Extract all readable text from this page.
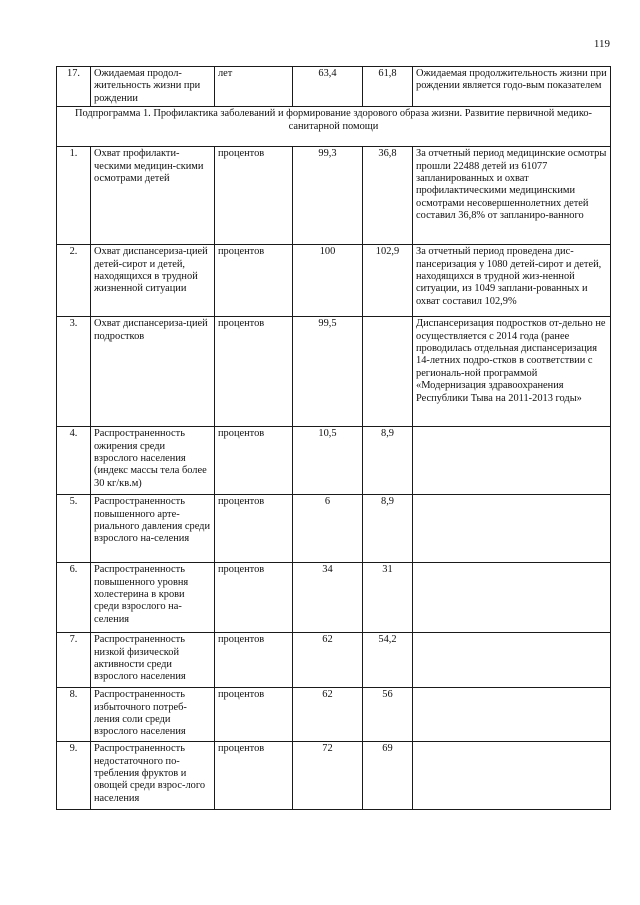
119
17.	Ожидаемая продол-жительность жизни при рождении	лет	63,4	61,8	Ожидаемая продолжительность жизни при рождении является годо-вым показателем
Подпрограмма 1. Профилактика заболеваний и формирование здорового образа жизни. Развитие первичной медико-санитарной помощи					
1.	Охват профилакти-ческими медицин-скими осмотрами детей	процентов	99,3	36,8	За отчетный период медицинские осмотры прошли 22488 детей из 61077 запланированных и охват профилактическими медицинскими осмотрами несовершеннолетних детей составил 36,8% от запланиро-ванного
2.	Охват диспансериза-цией детей-сирот и детей, находящихся в трудной жизненной ситуации	процентов	100	102,9	За отчетный период проведена дис-пансеризация у 1080 детей-сирот и детей, находящихся в трудной жиз-ненной ситуации, из 1049 заплани-рованных и охват составил 102,9%
3.	Охват диспансериза-цией подростков	процентов	99,5		Диспансеризация подростков от-дельно не осуществляется с 2014 года (ранее проводилась отдельная диспансеризация 14-летних подро-стков в соответствии с региональ-ной программой «Модернизация здравоохранения Республики Тыва на 2011-2013 годы»
4.	Распространенность ожирения среди взрослого населения (индекс массы тела более 30 кг/кв.м)	процентов	10,5	8,9	
5.	Распространенность повышенного арте-риального давления среди взрослого на-селения	процентов	6	8,9	
6.	Распространенность повышенного уровня холестерина в крови среди взрослого на-селения	процентов	34	31	
7.	Распространенность низкой физической активности среди взрослого населения	процентов	62	54,2	
8.	Распространенность избыточного потреб-ления соли среди взрослого населения	процентов	62	56	
9.	Распространенность недостаточного по-требления фруктов и овощей среди взрос-лого населения	процентов	72	69	
